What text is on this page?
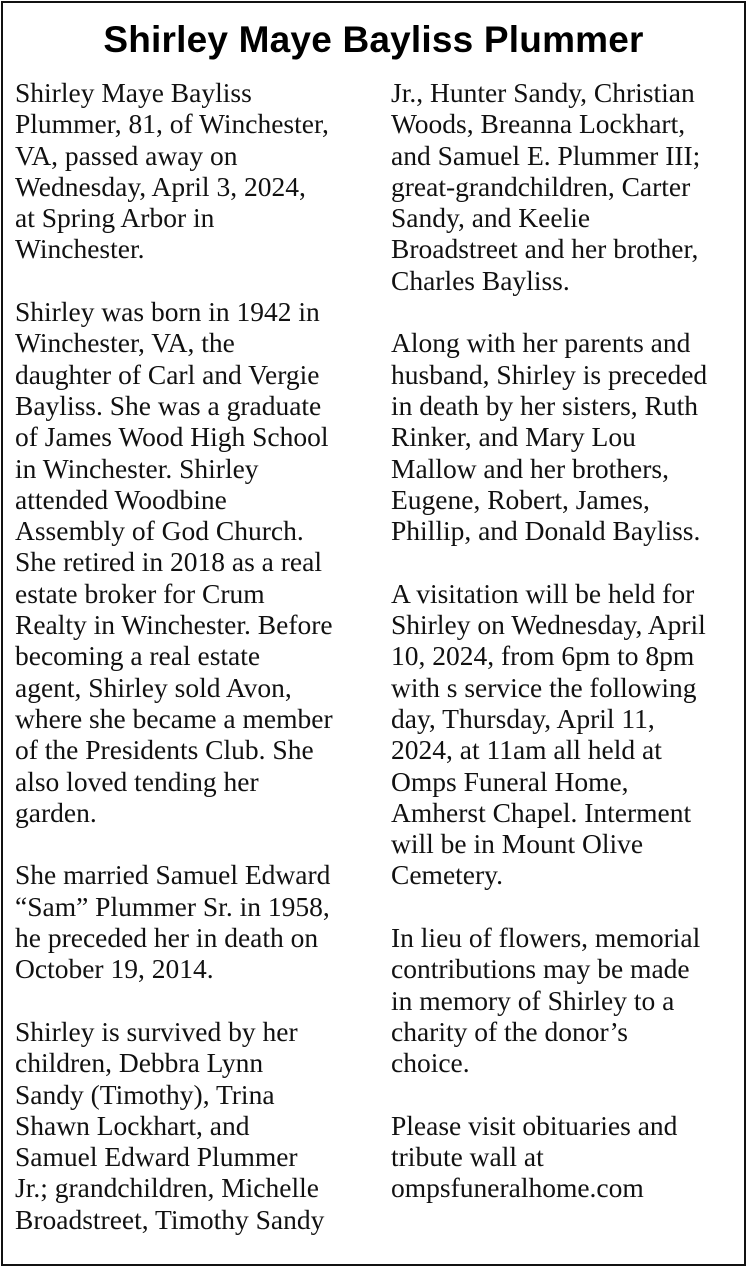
Shirley Maye Bayliss Plummer
Shirley Maye Bayliss
Plummer, 81, of Winchester,
VA, passed away on
Wednesday, April 3, 2024,
at Spring Arbor in
Winchester.
Shirley was born in 1942 in
Winchester, VA, the
daughter of Carl and Vergie
Bayliss. She was a graduate
of James Wood High School
in Winchester. Shirley
attended Woodbine
Assembly of God Church.
She retired in 2018 as a real
estate broker for Crum
Realty in Winchester. Before
becoming a real estate
agent, Shirley sold Avon,
where she became a member
of the Presidents Club. She
also loved tending her
garden.
She married Samuel Edward
“Sam” Plummer Sr. in 1958,
he preceded her in death on
October 19, 2014.
Shirley is survived by her
children, Debbra Lynn
Sandy (Timothy), Trina
Shawn Lockhart, and
Samuel Edward Plummer
Jr.; grandchildren, Michelle
Broadstreet, Timothy Sandy
Jr., Hunter Sandy, Christian
Woods, Breanna Lockhart,
and Samuel E. Plummer III;
great-grandchildren, Carter
Sandy, and Keelie
Broadstreet and her brother,
Charles Bayliss.
Along with her parents and
husband, Shirley is preceded
in death by her sisters, Ruth
Rinker, and Mary Lou
Mallow and her brothers,
Eugene, Robert, James,
Phillip, and Donald Bayliss.
A visitation will be held for
Shirley on Wednesday, April
10, 2024, from 6pm to 8pm
with s service the following
day, Thursday, April 11,
2024, at 11am all held at
Omps Funeral Home,
Amherst Chapel. Interment
will be in Mount Olive
Cemetery.
In lieu of flowers, memorial
contributions may be made
in memory of Shirley to a
charity of the donor’s
choice.
Please visit obituaries and
tribute wall at
ompsfuneralhome.com
